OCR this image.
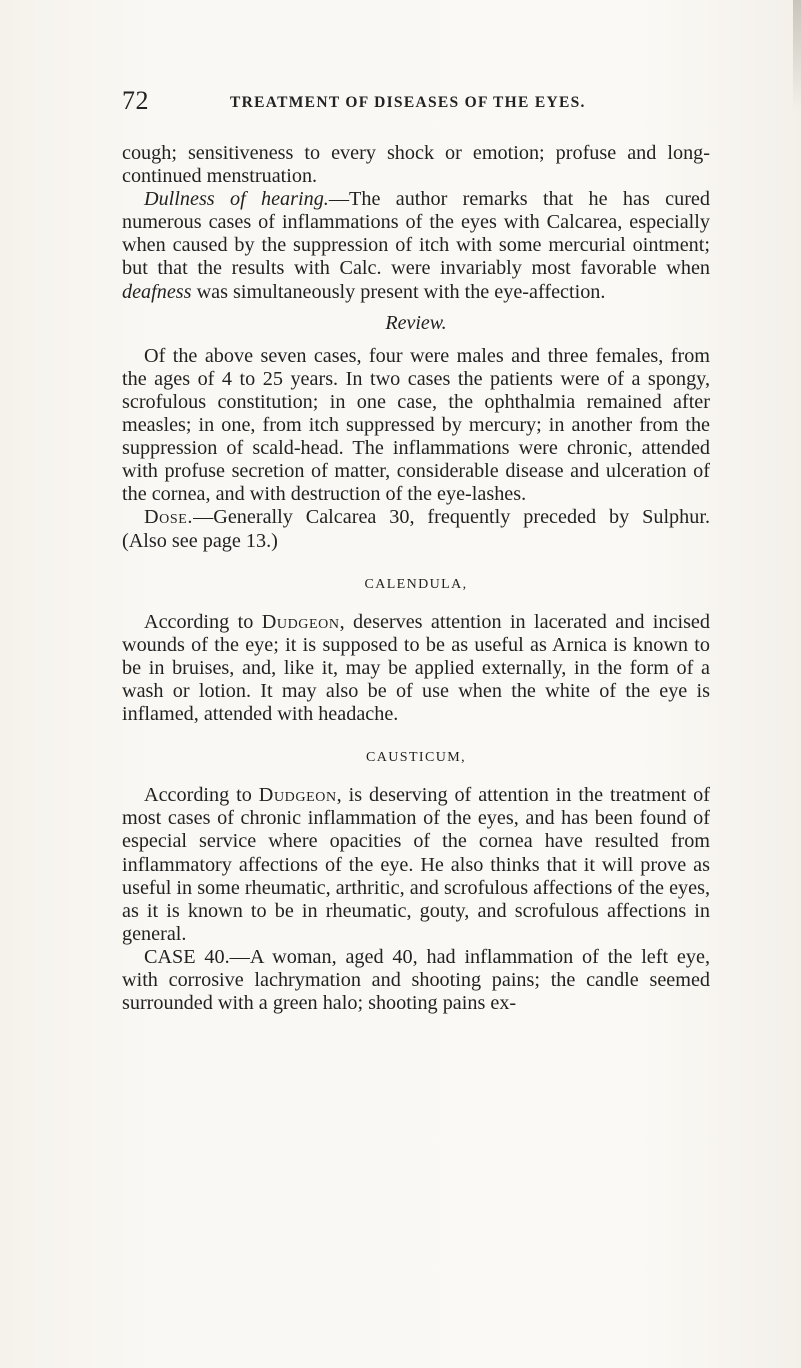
72	TREATMENT OF DISEASES OF THE EYES.

cough; sensitiveness to every shock or emotion; profuse and long-continued menstruation.

Dullness of hearing.—The author remarks that he has cured numerous cases of inflammations of the eyes with Calcarea, especially when caused by the suppression of itch with some mercurial ointment; but that the results with Calc. were invariably most favorable when deafness was simultaneously present with the eye-affection.

Review.

Of the above seven cases, four were males and three females, from the ages of 4 to 25 years. In two cases the patients were of a spongy, scrofulous constitution; in one case, the ophthalmia remained after measles; in one, from itch suppressed by mercury; in another from the suppression of scald-head. The inflammations were chronic, attended with profuse secretion of matter, considerable disease and ulceration of the cornea, and with destruction of the eye-lashes.

Dose.—Generally Calcarea 30, frequently preceded by Sulphur. (Also see page 13.)

CALENDULA,

According to Dudgeon, deserves attention in lacerated and incised wounds of the eye; it is supposed to be as useful as Arnica is known to be in bruises, and, like it, may be applied externally, in the form of a wash or lotion. It may also be of use when the white of the eye is inflamed, attended with headache.

CAUSTICUM,

According to Dudgeon, is deserving of attention in the treatment of most cases of chronic inflammation of the eyes, and has been found of especial service where opacities of the cornea have resulted from inflammatory affections of the eye. He also thinks that it will prove as useful in some rheumatic, arthritic, and scrofulous affections of the eyes, as it is known to be in rheumatic, gouty, and scrofulous affections in general.

CASE 40.—A woman, aged 40, had inflammation of the left eye, with corrosive lachrymation and shooting pains; the candle seemed surrounded with a green halo; shooting pains ex-
